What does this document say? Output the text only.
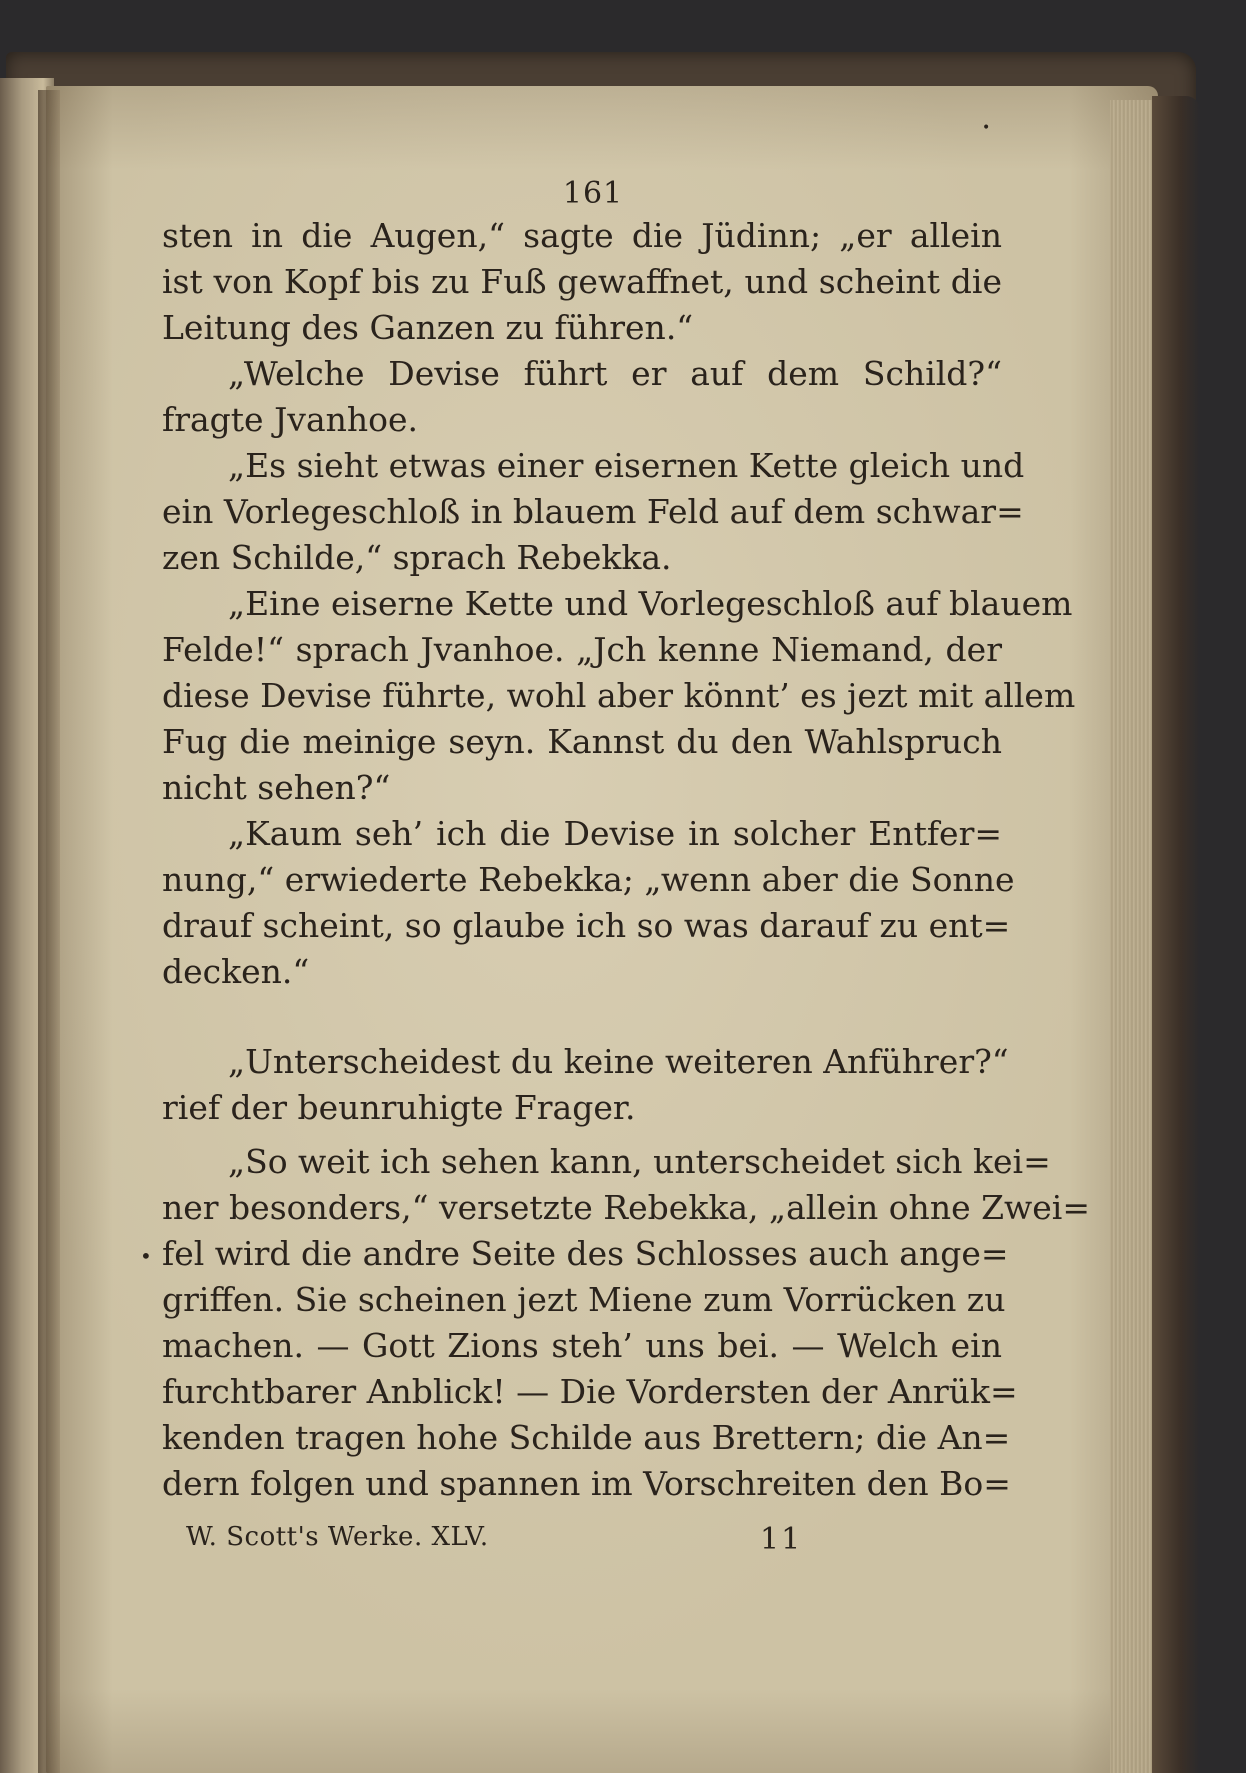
161
sten in die Augen,“ sagte die Jüdinn; „er allein
ist von Kopf bis zu Fuß gewaffnet, und scheint die
Leitung des Ganzen zu führen.“
„Welche Devise führt er auf dem Schild?“
fragte Jvanhoe.
„Es sieht etwas einer eisernen Kette gleich und
ein Vorlegeschloß in blauem Feld auf dem schwar=
zen Schilde,“ sprach Rebekka.
„Eine eiserne Kette und Vorlegeschloß auf blauem
Felde!“ sprach Jvanhoe. „Jch kenne Niemand, der
diese Devise führte, wohl aber könnt’ es jezt mit allem
Fug die meinige seyn. Kannst du den Wahlspruch
nicht sehen?“
„Kaum seh’ ich die Devise in solcher Entfer=
nung,“ erwiederte Rebekka; „wenn aber die Sonne
drauf scheint, so glaube ich so was darauf zu ent=
decken.“
„Unterscheidest du keine weiteren Anführer?“
rief der beunruhigte Frager.
„So weit ich sehen kann, unterscheidet sich kei=
ner besonders,“ versetzte Rebekka, „allein ohne Zwei=
fel wird die andre Seite des Schlosses auch ange=
griffen. Sie scheinen jezt Miene zum Vorrücken zu
machen. — Gott Zions steh’ uns bei. — Welch ein
furchtbarer Anblick! — Die Vordersten der Anrük=
kenden tragen hohe Schilde aus Brettern; die An=
dern folgen und spannen im Vorschreiten den Bo=
W. Scott's Werke. XLV.	11
•
•
